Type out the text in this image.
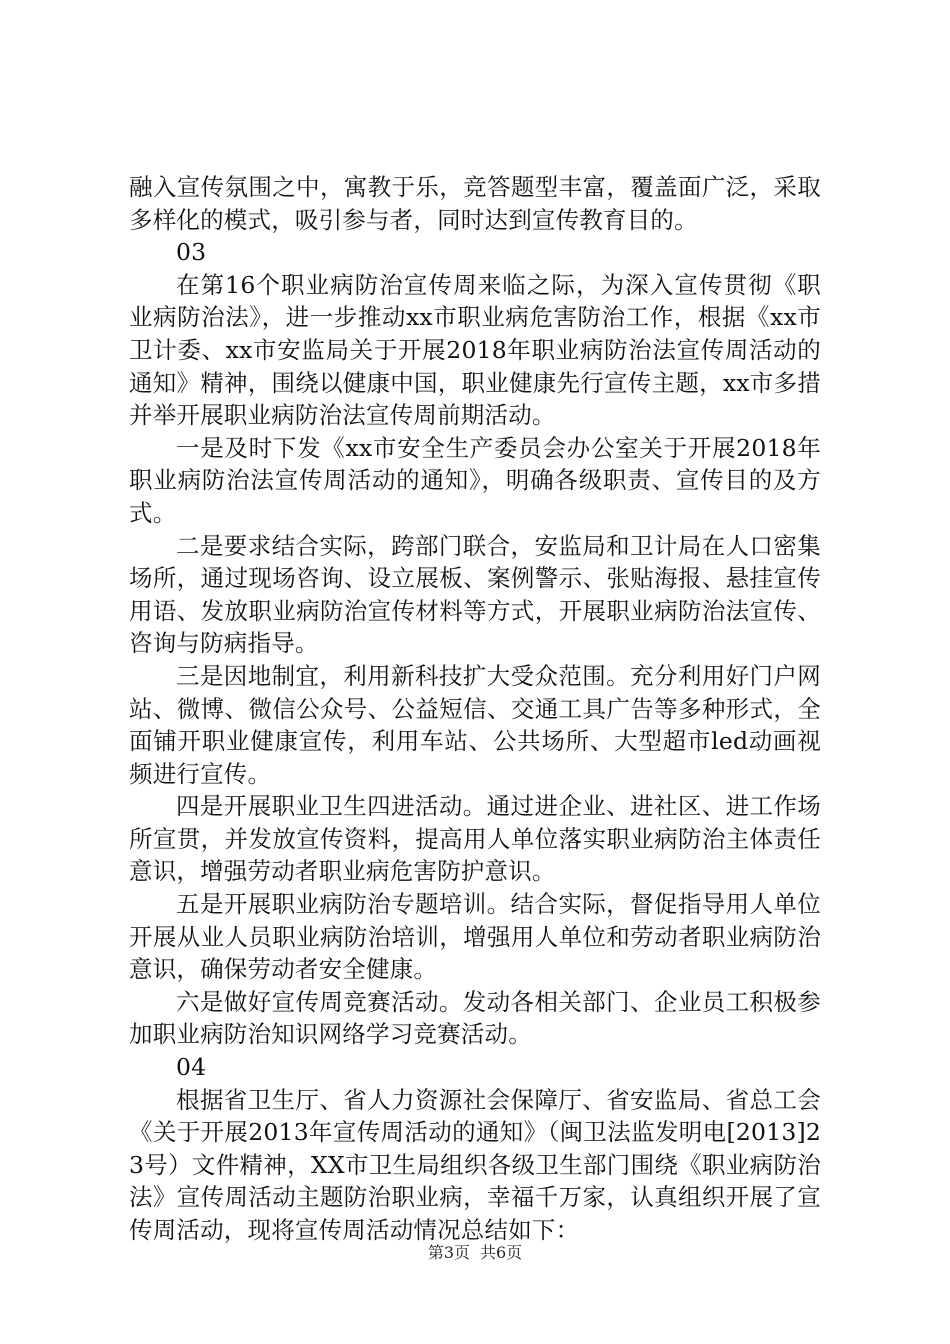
融入宣传氛围之中，寓教于乐，竞答题型丰富，覆盖面广泛，采取多样化的模式，吸引参与者，同时达到宣传教育目的。

03

在第16个职业病防治宣传周来临之际，为深入宣传贯彻《职业病防治法》，进一步推动xx市职业病危害防治工作，根据《xx市卫计委、xx市安监局关于开展2018年职业病防治法宣传周活动的通知》精神，围绕以健康中国，职业健康先行宣传主题，xx市多措并举开展职业病防治法宣传周前期活动。

一是及时下发《xx市安全生产委员会办公室关于开展2018年职业病防治法宣传周活动的通知》，明确各级职责、宣传目的及方式。

二是要求结合实际，跨部门联合，安监局和卫计局在人口密集场所，通过现场咨询、设立展板、案例警示、张贴海报、悬挂宣传用语、发放职业病防治宣传材料等方式，开展职业病防治法宣传、咨询与防病指导。

三是因地制宜，利用新科技扩大受众范围。充分利用好门户网站、微博、微信公众号、公益短信、交通工具广告等多种形式，全面铺开职业健康宣传，利用车站、公共场所、大型超市led动画视频进行宣传。

四是开展职业卫生四进活动。通过进企业、进社区、进工作场所宣贯，并发放宣传资料，提高用人单位落实职业病防治主体责任意识，增强劳动者职业病危害防护意识。

五是开展职业病防治专题培训。结合实际，督促指导用人单位开展从业人员职业病防治培训，增强用人单位和劳动者职业病防治意识，确保劳动者安全健康。

六是做好宣传周竞赛活动。发动各相关部门、企业员工积极参加职业病防治知识网络学习竞赛活动。

04

根据省卫生厅、省人力资源社会保障厅、省安监局、省总工会《关于开展2013年宣传周活动的通知》（闽卫法监发明电[2013]23号）文件精神，XX市卫生局组织各级卫生部门围绕《职业病防治法》宣传周活动主题防治职业病，幸福千万家，认真组织开展了宣传周活动，现将宣传周活动情况总结如下：

第3页 共6页
